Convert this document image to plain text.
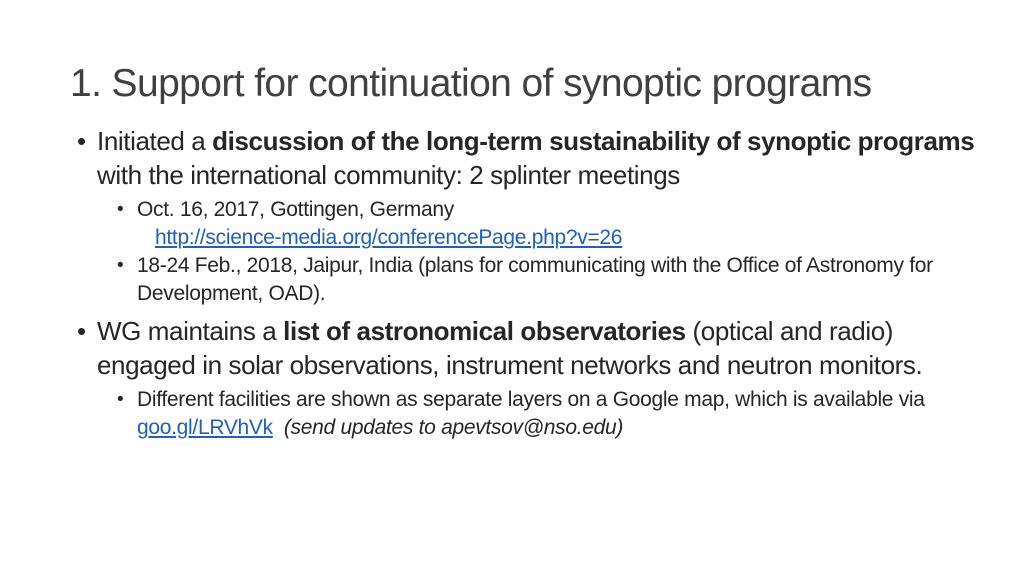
1. Support for continuation of synoptic programs
• Initiated a discussion of the long-term sustainability of synoptic programs with the international community: 2 splinter meetings
• Oct. 16, 2017, Gottingen, Germany
http://science-media.org/conferencePage.php?v=26
• 18-24 Feb., 2018, Jaipur, India (plans for communicating with the Office of Astronomy for Development, OAD).
• WG maintains a list of astronomical observatories (optical and radio) engaged in solar observations, instrument networks and neutron monitors.
• Different facilities are shown as separate layers on a Google map, which is available via goo.gl/LRVhVk (send updates to apevtsov@nso.edu)
